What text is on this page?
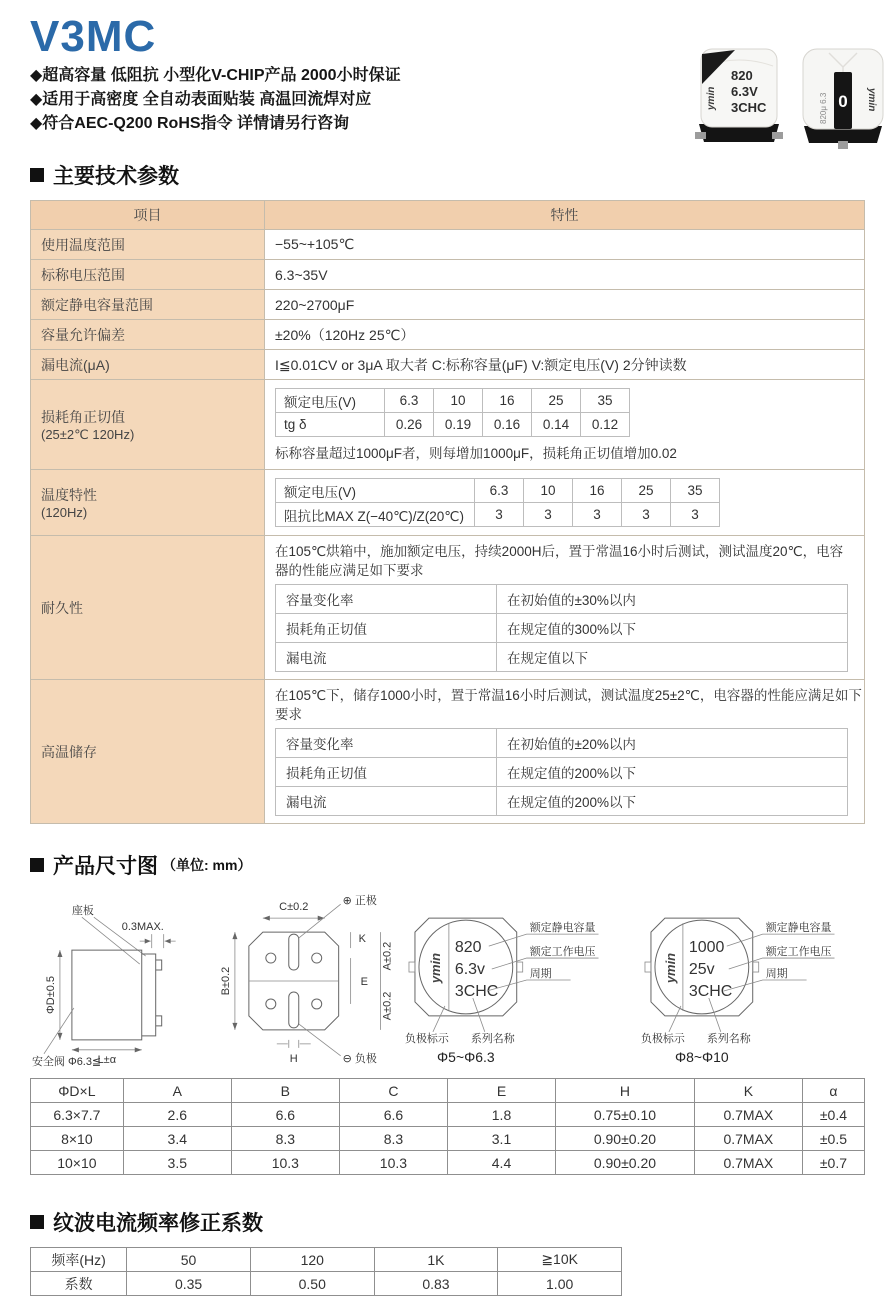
V3MC
◆超高容量 低阻抗 小型化V-CHIP产品 2000小时保证
◆适用于高密度 全自动表面贴装 高温回流焊对应
◆符合AEC-Q200 RoHS指令 详情请另行咨询
ymin
820
6.3V
3CHC	0
820μ 6.3	ymin
主要技术参数
项目	特性
使用温度范围	−55~+105℃
标称电压范围	6.3~35V
额定静电容量范围	220~2700μF
容量允许偏差	±20%（120Hz 25℃）
漏电流(μA)	I≦0.01CV or 3μA 取大者 C:标称容量(μF) V:额定电压(V) 2分钟读数

损耗角正切值
(25±2℃ 120Hz)

额定电压(V)	6.3	10	16	25	35
tg δ	0.26	0.19	0.16	0.14	0.12
标称容量超过1000μF者，则每增加1000μF，损耗角正切值增加0.02

温度特性
(120Hz)

额定电压(V)	6.3	10	16	25	35
阻抗比MAX Z(−40℃)/Z(20℃)	3	3	3	3	3

耐久性	
在105℃烘箱中，施加额定电压，持续2000H后，置于常温16小时后测试，测试温度20℃，电容器的性能应满足如下要求
容量变化率	在初始值的±30%以内
损耗角正切值	在规定值的300%以下
漏电流	在规定值以下

高温储存	
在105℃下，储存1000小时，置于常温16小时后测试，测试温度25±2℃，电容器的性能应满足如下要求
容量变化率	在初始值的±20%以内
损耗角正切值	在规定值的200%以下
漏电流	在规定值的200%以下
产品尺寸图 （单位: mm）
座板
0.3MAX.
ΦD±0.5
L±α
安全阀 Φ6.3≦
C±0.2
B±0.2
K
A±0.2
A±0.2
E
H
⊕ 正极
⊖ 负极
ymin
820
6.3v
3CHC
额定静电容量
额定工作电压
周期
负极标示 系列名称
Φ5~Φ6.3
ymin
1000
25v
3CHC
额定静电容量
额定工作电压
周期
负极标示 系列名称
Φ8~Φ10
ΦD×L	A	B	C	E	H	K	α
6.3×7.7	2.6	6.6	6.6	1.8	0.75±0.10	0.7MAX	±0.4
8×10	3.4	8.3	8.3	3.1	0.90±0.20	0.7MAX	±0.5
10×10	3.5	10.3	10.3	4.4	0.90±0.20	0.7MAX	±0.7
纹波电流频率修正系数
频率(Hz)	50	120	1K	≧10K
系数	0.35	0.50	0.83	1.00
